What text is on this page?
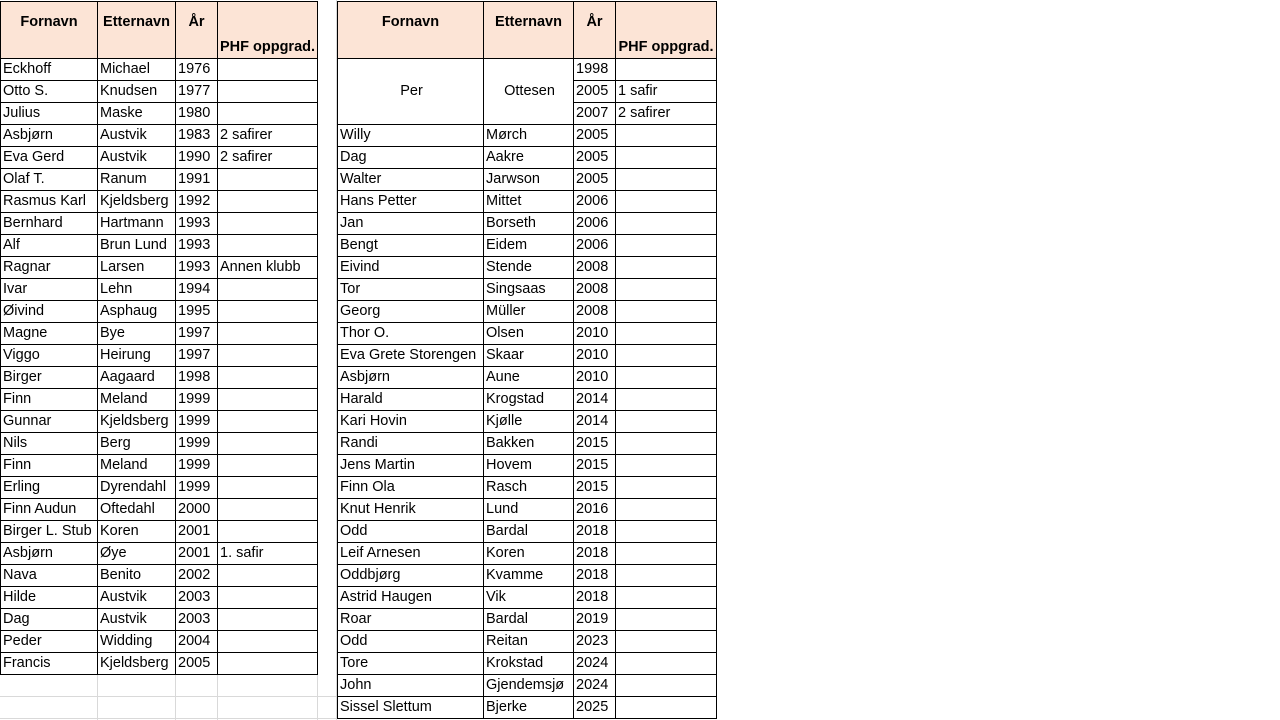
Fornavn	Etternavn	År	PHF oppgrad.
Eckhoff	Michael	1976	
Otto S.	Knudsen	1977	
Julius	Maske	1980	
Asbjørn	Austvik	1983	2 safirer
Eva Gerd	Austvik	1990	2 safirer
Olaf T.	Ranum	1991	
Rasmus Karl	Kjeldsberg	1992	
Bernhard	Hartmann	1993	
Alf	Brun Lund	1993	
Ragnar	Larsen	1993	Annen klubb
Ivar	Lehn	1994	
Øivind	Asphaug	1995	
Magne	Bye	1997	
Viggo	Heirung	1997	
Birger	Aagaard	1998	
Finn	Meland	1999	
Gunnar	Kjeldsberg	1999	
Nils	Berg	1999	
Finn	Meland	1999	
Erling	Dyrendahl	1999	
Finn Audun	Oftedahl	2000	
Birger L. Stub	Koren	2001	
Asbjørn	Øye	2001	1. safir
Nava	Benito	2002	
Hilde	Austvik	2003	
Dag	Austvik	2003	
Peder	Widding	2004	
Francis	Kjeldsberg	2005	
Fornavn	Etternavn	År	PHF oppgrad.
Per	Ottesen	1998	
		2005	1 safir
		2007	2 safirer
Willy	Mørch	2005	
Dag	Aakre	2005	
Walter	Jarwson	2005	
Hans Petter	Mittet	2006	
Jan	Borseth	2006	
Bengt	Eidem	2006	
Eivind	Stende	2008	
Tor	Singsaas	2008	
Georg	Müller	2008	
Thor O.	Olsen	2010	
Eva Grete Storengen	Skaar	2010	
Asbjørn	Aune	2010	
Harald	Krogstad	2014	
Kari Hovin	Kjølle	2014	
Randi	Bakken	2015	
Jens Martin	Hovem	2015	
Finn Ola	Rasch	2015	
Knut Henrik	Lund	2016	
Odd	Bardal	2018	
Leif Arnesen	Koren	2018	
Oddbjørg	Kvamme	2018	
Astrid Haugen	Vik	2018	
Roar	Bardal	2019	
Odd	Reitan	2023	
Tore	Krokstad	2024	
John	Gjendemsjø	2024	
Sissel Slettum	Bjerke	2025	
